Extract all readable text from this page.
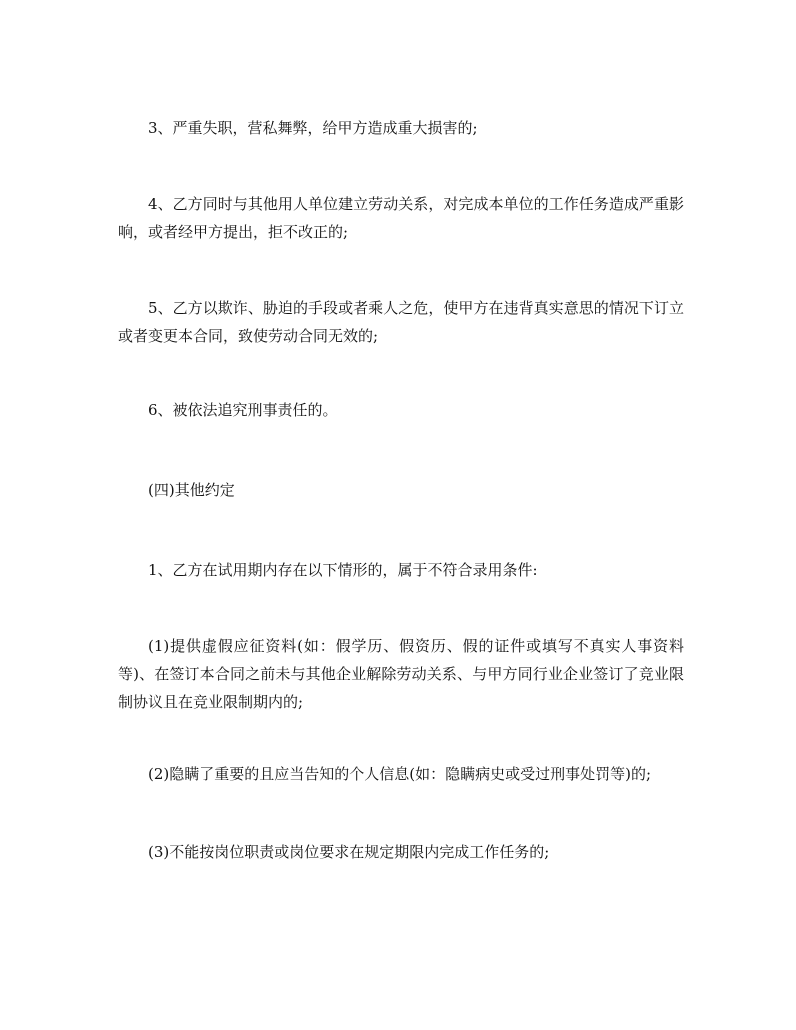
3、严重失职，营私舞弊，给甲方造成重大损害的;

4、乙方同时与其他用人单位建立劳动关系，对完成本单位的工作任务造成严重影响，或者经甲方提出，拒不改正的;

5、乙方以欺诈、胁迫的手段或者乘人之危，使甲方在违背真实意思的情况下订立或者变更本合同，致使劳动合同无效的;

6、被依法追究刑事责任的。

(四)其他约定

1、乙方在试用期内存在以下情形的，属于不符合录用条件:

(1)提供虚假应征资料(如：假学历、假资历、假的证件或填写不真实人事资料等)、在签订本合同之前未与其他企业解除劳动关系、与甲方同行业企业签订了竞业限制协议且在竞业限制期内的;

(2)隐瞒了重要的且应当告知的个人信息(如：隐瞒病史或受过刑事处罚等)的;

(3)不能按岗位职责或岗位要求在规定期限内完成工作任务的;
